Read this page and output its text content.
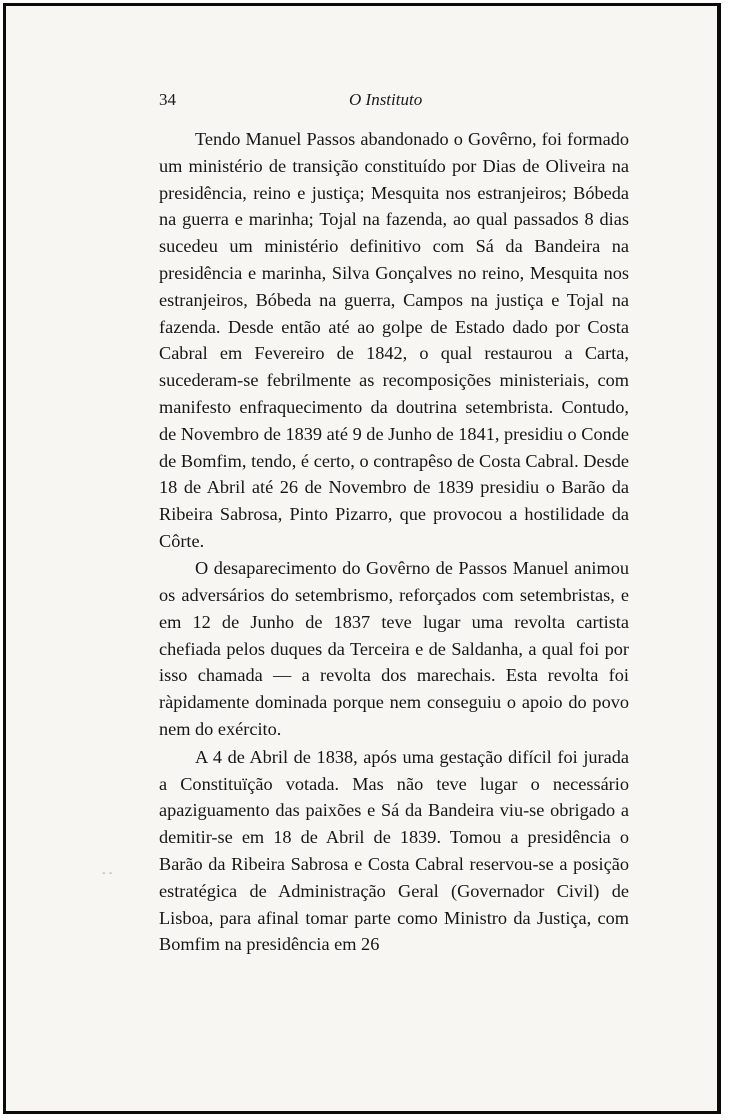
34	O Instituto

Tendo Manuel Passos abandonado o Govêrno, foi formado um ministério de transição constituído por Dias de Oliveira na presidência, reino e justiça; Mesquita nos estranjeiros; Bóbeda na guerra e marinha; Tojal na fazenda, ao qual passados 8 dias sucedeu um ministério definitivo com Sá da Bandeira na presidência e marinha, Silva Gonçalves no reino, Mesquita nos estranjeiros, Bóbeda na guerra, Campos na justiça e Tojal na fazenda. Desde então até ao golpe de Estado dado por Costa Cabral em Fevereiro de 1842, o qual restaurou a Carta, sucederam-se febrilmente as recomposições ministeriais, com manifesto enfraquecimento da doutrina setembrista. Contudo, de Novembro de 1839 até 9 de Junho de 1841, presidiu o Conde de Bomfim, tendo, é certo, o contrapêso de Costa Cabral. Desde 18 de Abril até 26 de Novembro de 1839 presidiu o Barão da Ribeira Sabrosa, Pinto Pizarro, que provocou a hostilidade da Côrte.

O desaparecimento do Govêrno de Passos Manuel animou os adversários do setembrismo, reforçados com setembristas, e em 12 de Junho de 1837 teve lugar uma revolta cartista chefiada pelos duques da Terceira e de Saldanha, a qual foi por isso chamada — a revolta dos marechais. Esta revolta foi ràpidamente dominada porque nem conseguiu o apoio do povo nem do exército.

A 4 de Abril de 1838, após uma gestação difícil foi jurada a Constituïção votada. Mas não teve lugar o necessário apaziguamento das paixões e Sá da Bandeira viu-se obrigado a demitir-se em 18 de Abril de 1839. Tomou a presidência o Barão da Ribeira Sabrosa e Costa Cabral reservou-se a posição estratégica de Administração Geral (Governador Civil) de Lisboa, para afinal tomar parte como Ministro da Justiça, com Bomfim na presidência em 26

- -
